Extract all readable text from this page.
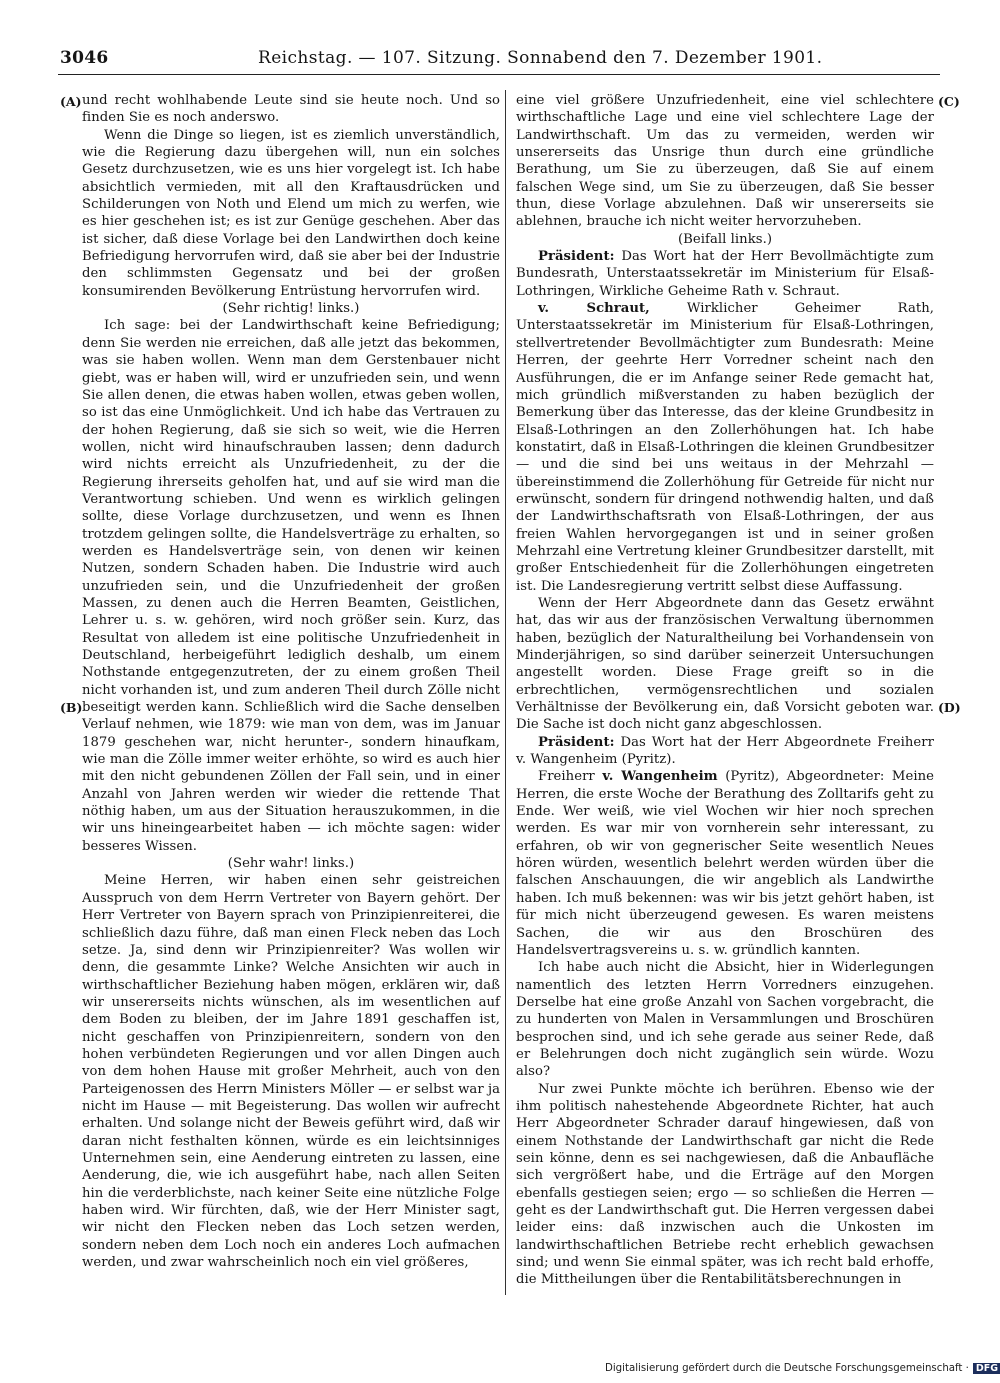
3046	Reichstag. — 107. Sitzung. Sonnabend den 7. Dezember 1901.
(A)
(B)
(C)
(D)

und recht wohlhabende Leute sind sie heute noch. Und so finden Sie es noch anderswo.

Wenn die Dinge so liegen, ist es ziemlich unverständlich, wie die Regierung dazu übergehen will, nun ein solches Gesetz durchzusetzen, wie es uns hier vorgelegt ist. Ich habe absichtlich vermieden, mit all den Kraftausdrücken und Schilderungen von Noth und Elend um mich zu werfen, wie es hier geschehen ist; es ist zur Genüge geschehen. Aber das ist sicher, daß diese Vorlage bei den Landwirthen doch keine Befriedigung hervorrufen wird, daß sie aber bei der Industrie den schlimmsten Gegensatz und bei der großen konsumirenden Bevölkerung Entrüstung hervorrufen wird.

(Sehr richtig! links.)

Ich sage: bei der Landwirthschaft keine Befriedigung; denn Sie werden nie erreichen, daß alle jetzt das bekommen, was sie haben wollen. Wenn man dem Gerstenbauer nicht giebt, was er haben will, wird er unzufrieden sein, und wenn Sie allen denen, die etwas haben wollen, etwas geben wollen, so ist das eine Unmöglichkeit. Und ich habe das Vertrauen zu der hohen Regierung, daß sie sich so weit, wie die Herren wollen, nicht wird hinaufschrauben lassen; denn dadurch wird nichts erreicht als Unzufriedenheit, zu der die Regierung ihrerseits geholfen hat, und auf sie wird man die Verantwortung schieben. Und wenn es wirklich gelingen sollte, diese Vorlage durchzusetzen, und wenn es Ihnen trotzdem gelingen sollte, die Handelsverträge zu erhalten, so werden es Handelsverträge sein, von denen wir keinen Nutzen, sondern Schaden haben. Die Industrie wird auch unzufrieden sein, und die Unzufriedenheit der großen Massen, zu denen auch die Herren Beamten, Geistlichen, Lehrer u. s. w. gehören, wird noch größer sein. Kurz, das Resultat von alledem ist eine politische Unzufriedenheit in Deutschland, herbeigeführt lediglich deshalb, um einem Nothstande entgegenzutreten, der zu einem großen Theil nicht vorhanden ist, und zum anderen Theil durch Zölle nicht beseitigt werden kann. Schließlich wird die Sache denselben Verlauf nehmen, wie 1879: wie man von dem, was im Januar 1879 geschehen war, nicht herunter-, sondern hinaufkam, wie man die Zölle immer weiter erhöhte, so wird es auch hier mit den nicht gebundenen Zöllen der Fall sein, und in einer Anzahl von Jahren werden wir wieder die rettende That nöthig haben, um aus der Situation herauszukommen, in die wir uns hineingearbeitet haben — ich möchte sagen: wider besseres Wissen.

(Sehr wahr! links.)

Meine Herren, wir haben einen sehr geistreichen Ausspruch von dem Herrn Vertreter von Bayern gehört. Der Herr Vertreter von Bayern sprach von Prinzipienreiterei, die schließlich dazu führe, daß man einen Fleck neben das Loch setze. Ja, sind denn wir Prinzipienreiter? Was wollen wir denn, die gesammte Linke? Welche Ansichten wir auch in wirthschaftlicher Beziehung haben mögen, erklären wir, daß wir unsererseits nichts wünschen, als im wesentlichen auf dem Boden zu bleiben, der im Jahre 1891 geschaffen ist, nicht geschaffen von Prinzipienreitern, sondern von den hohen verbündeten Regierungen und vor allen Dingen auch von dem hohen Hause mit großer Mehrheit, auch von den Parteigenossen des Herrn Ministers Möller — er selbst war ja nicht im Hause — mit Begeisterung. Das wollen wir aufrecht erhalten. Und solange nicht der Beweis geführt wird, daß wir daran nicht festhalten können, würde es ein leichtsinniges Unternehmen sein, eine Aenderung eintreten zu lassen, eine Aenderung, die, wie ich ausgeführt habe, nach allen Seiten hin die verderblichste, nach keiner Seite eine nützliche Folge haben wird. Wir fürchten, daß, wie der Herr Minister sagt, wir nicht den Flecken neben das Loch setzen werden, sondern neben dem Loch noch ein anderes Loch aufmachen werden, und zwar wahrscheinlich noch ein viel größeres,

eine viel größere Unzufriedenheit, eine viel schlechtere wirthschaftliche Lage und eine viel schlechtere Lage der Landwirthschaft. Um das zu vermeiden, werden wir unsererseits das Unsrige thun durch eine gründliche Berathung, um Sie zu überzeugen, daß Sie auf einem falschen Wege sind, um Sie zu überzeugen, daß Sie besser thun, diese Vorlage abzulehnen. Daß wir unsererseits sie ablehnen, brauche ich nicht weiter hervorzuheben.

(Beifall links.)

Präsident: Das Wort hat der Herr Bevollmächtigte zum Bundesrath, Unterstaatssekretär im Ministerium für Elsaß-Lothringen, Wirkliche Geheime Rath v. Schraut.

v. Schraut,	Wirklicher Geheimer Rath, Unterstaatssekretär im Ministerium für Elsaß-Lothringen, stellvertretender Bevollmächtigter zum Bundesrath: Meine Herren, der geehrte Herr Vorredner scheint nach den Ausführungen, die er im Anfange seiner Rede gemacht hat, mich gründlich mißverstanden zu haben bezüglich der Bemerkung über das Interesse, das der kleine Grundbesitz in Elsaß-Lothringen an den Zollerhöhungen hat. Ich habe konstatirt, daß in Elsaß-Lothringen die kleinen Grundbesitzer — und die sind bei uns weitaus in der Mehrzahl — übereinstimmend die Zollerhöhung für Getreide für nicht nur erwünscht, sondern für dringend nothwendig halten, und daß der Landwirthschaftsrath von Elsaß-Lothringen, der aus freien Wahlen hervorgegangen ist und in seiner großen Mehrzahl eine Vertretung kleiner Grundbesitzer darstellt, mit großer Entschiedenheit für die Zollerhöhungen eingetreten ist. Die Landesregierung vertritt selbst diese Auffassung.

Wenn der Herr Abgeordnete dann das Gesetz erwähnt hat, das wir aus der französischen Verwaltung übernommen haben, bezüglich der Naturaltheilung bei Vorhandensein von Minderjährigen, so sind darüber seinerzeit Untersuchungen angestellt worden. Diese Frage greift so in die erbrechtlichen, vermögensrechtlichen und sozialen Verhältnisse der Bevölkerung ein, daß Vorsicht geboten war. Die Sache ist doch nicht ganz abgeschlossen.

Präsident: Das Wort hat der Herr Abgeordnete Freiherr v. Wangenheim (Pyritz).

Freiherr v. Wangenheim (Pyritz), Abgeordneter: Meine Herren, die erste Woche der Berathung des Zolltarifs geht zu Ende. Wer weiß, wie viel Wochen wir hier noch sprechen werden. Es war mir von vornherein sehr interessant, zu erfahren, ob wir von gegnerischer Seite wesentlich Neues hören würden, wesentlich belehrt werden würden über die falschen Anschauungen, die wir angeblich als Landwirthe haben. Ich muß bekennen: was wir bis jetzt gehört haben, ist für mich nicht überzeugend gewesen. Es waren meistens Sachen, die wir aus den Broschüren des Handelsvertragsvereins u. s. w. gründlich kannten.

Ich habe auch nicht die Absicht, hier in Widerlegungen namentlich des letzten Herrn Vorredners einzugehen. Derselbe hat eine große Anzahl von Sachen vorgebracht, die zu hunderten von Malen in Versammlungen und Broschüren besprochen sind, und ich sehe gerade aus seiner Rede, daß er Belehrungen doch nicht zugänglich sein würde. Wozu also?

Nur zwei Punkte möchte ich berühren. Ebenso wie der ihm politisch nahestehende Abgeordnete Richter, hat auch Herr Abgeordneter Schrader darauf hingewiesen, daß von einem Nothstande der Landwirthschaft gar nicht die Rede sein könne, denn es sei nachgewiesen, daß die Anbaufläche sich vergrößert habe, und die Erträge auf den Morgen ebenfalls gestiegen seien; ergo — so schließen die Herren — geht es der Landwirthschaft gut. Die Herren vergessen dabei leider eins: daß inzwischen auch die Unkosten im landwirthschaftlichen Betriebe recht erheblich gewachsen sind; und wenn Sie einmal später, was ich recht bald erhoffe, die Mittheilungen über die Rentabilitätsberechnungen in

Digitalisierung gefördert durch die Deutsche Forschungsgemeinschaft · DFG
